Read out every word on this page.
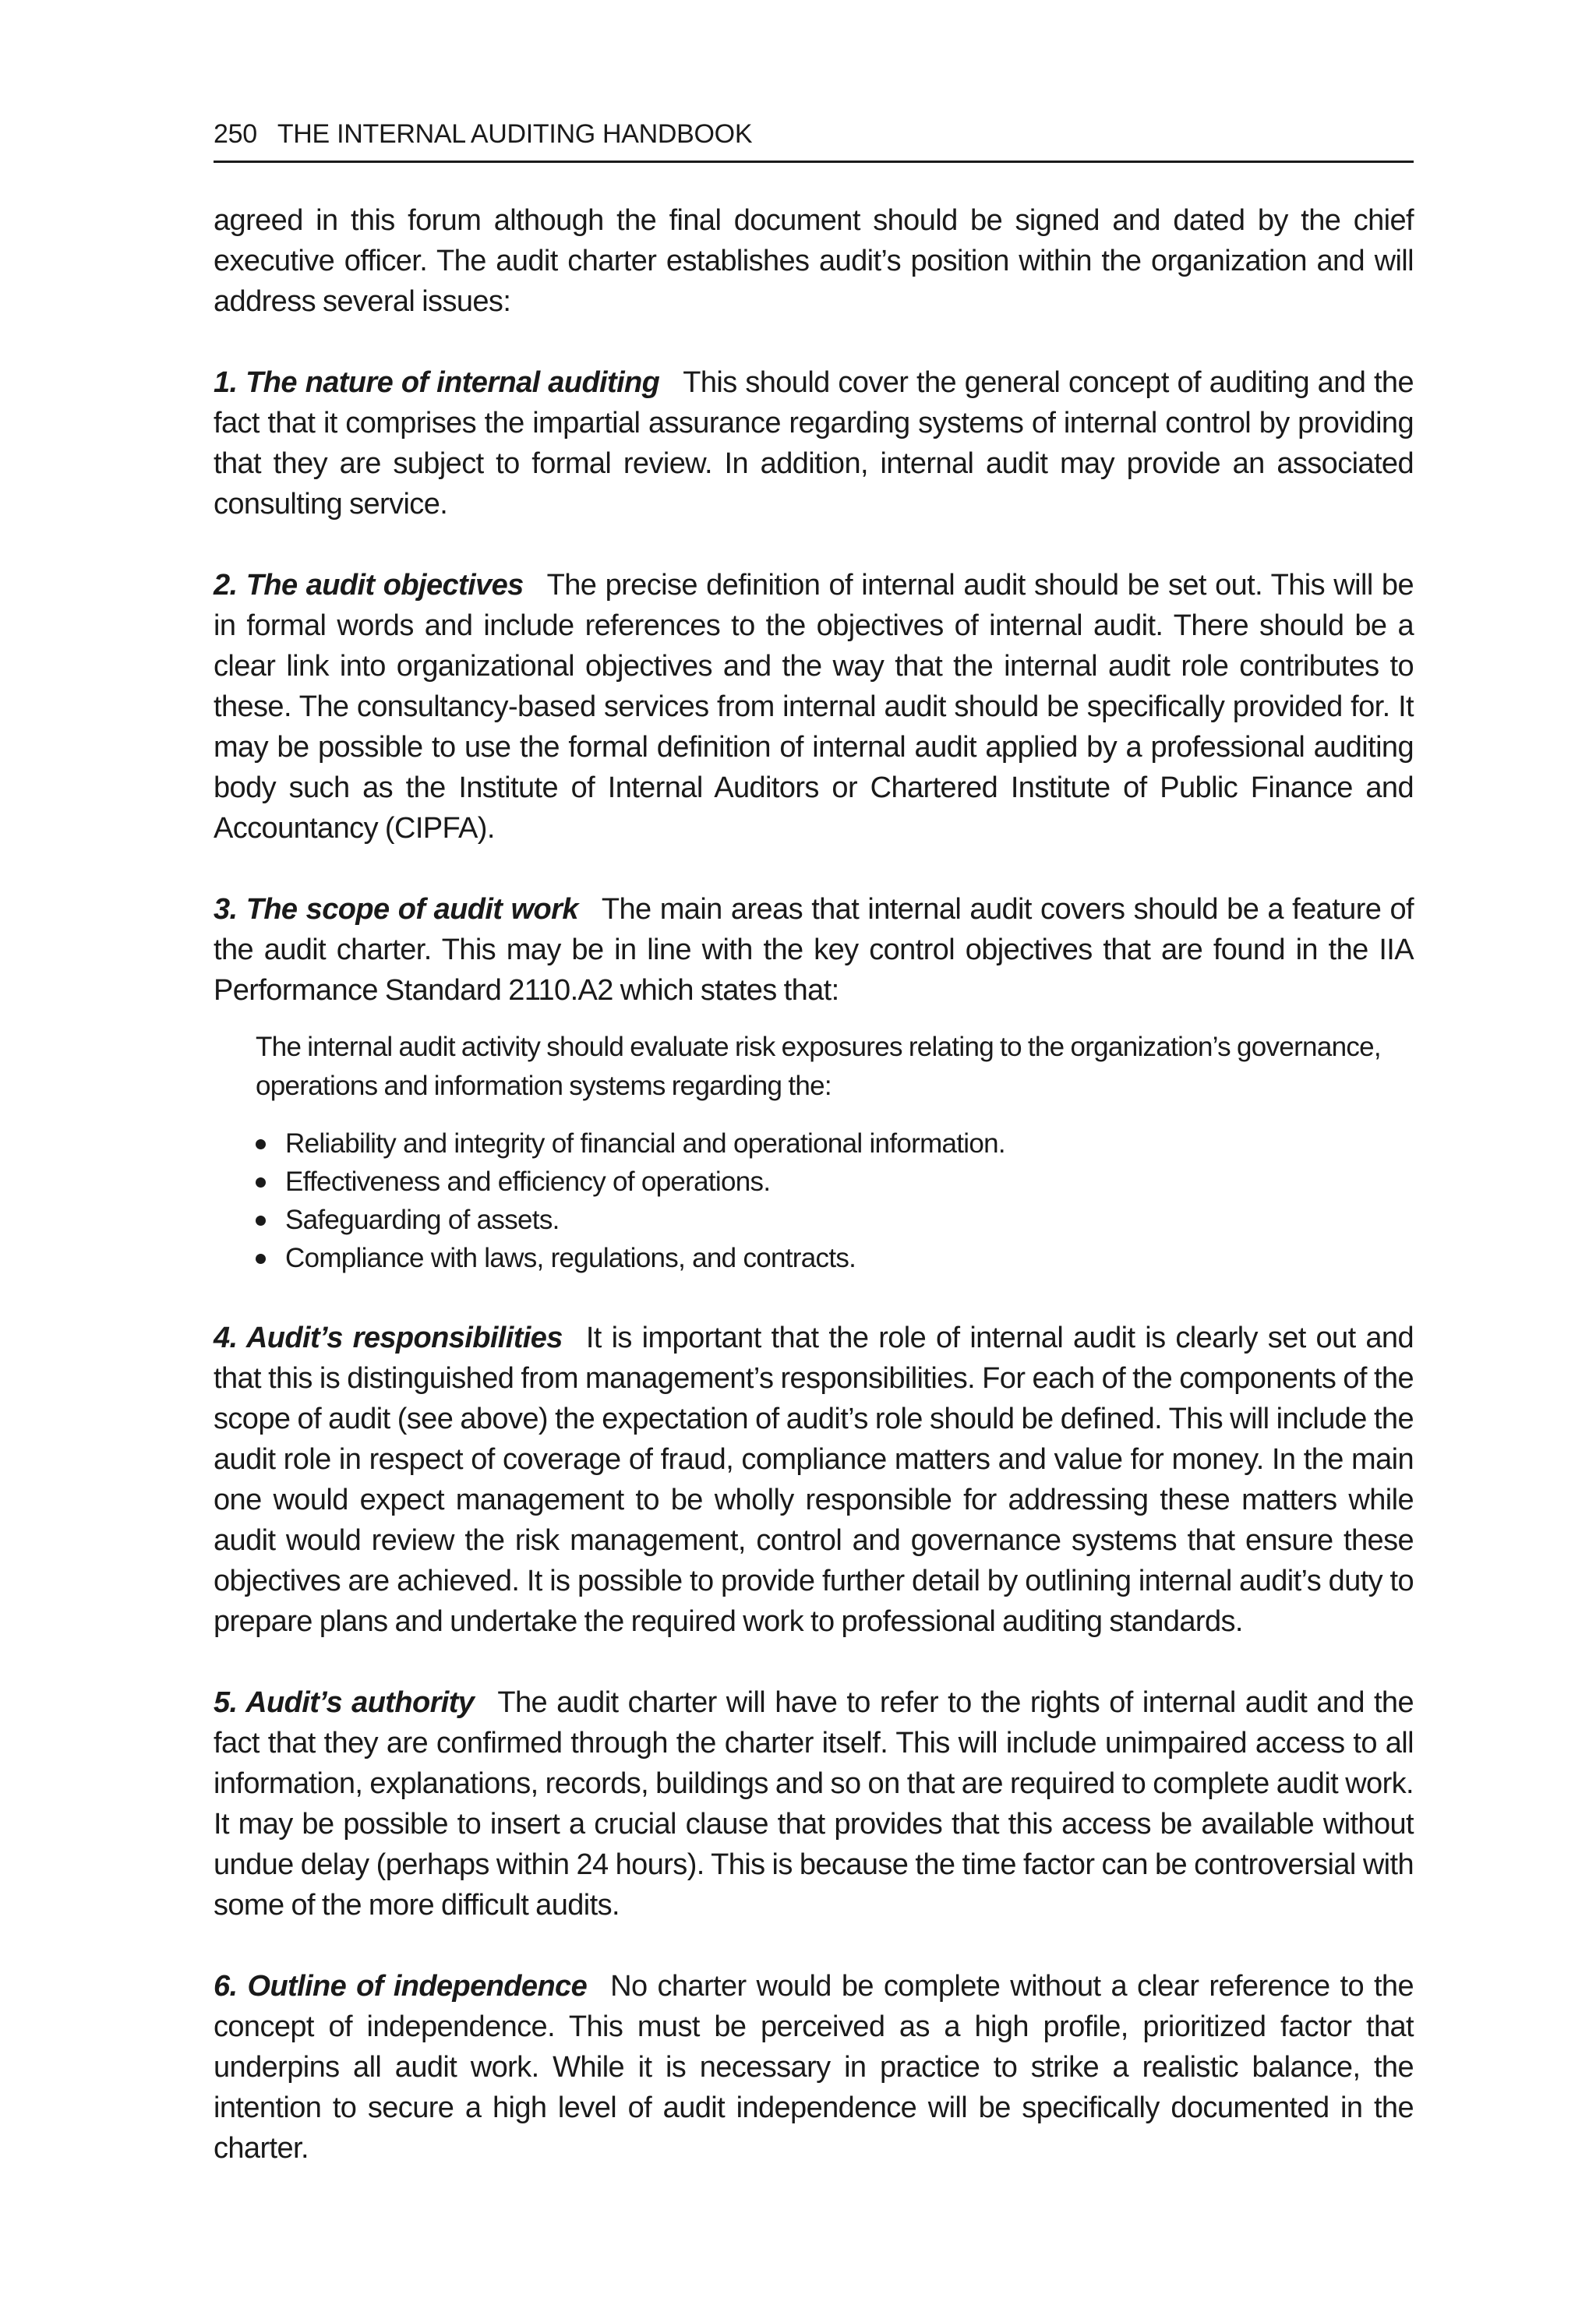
250 THE INTERNAL AUDITING HANDBOOK

agreed in this forum although the final document should be signed and dated by the chief executive officer. The audit charter establishes audit’s position within the organization and will address several issues:

1. The nature of internal auditing This should cover the general concept of auditing and the fact that it comprises the impartial assurance regarding systems of internal control by providing that they are subject to formal review. In addition, internal audit may provide an associated consulting service.

2. The audit objectives The precise definition of internal audit should be set out. This will be in formal words and include references to the objectives of internal audit. There should be a clear link into organizational objectives and the way that the internal audit role contributes to these. The consultancy-based services from internal audit should be specifically provided for. It may be possible to use the formal definition of internal audit applied by a professional auditing body such as the Institute of Internal Auditors or Chartered Institute of Public Finance and Accountancy (CIPFA).

3. The scope of audit work The main areas that internal audit covers should be a feature of the audit charter. This may be in line with the key control objectives that are found in the IIA Performance Standard 2110.A2 which states that:

The internal audit activity should evaluate risk exposures relating to the organization’s governance, operations and information systems regarding the:
Reliability and integrity of financial and operational information.
Effectiveness and efficiency of operations.
Safeguarding of assets.
Compliance with laws, regulations, and contracts.

4. Audit’s responsibilities It is important that the role of internal audit is clearly set out and that this is distinguished from management’s responsibilities. For each of the components of the scope of audit (see above) the expectation of audit’s role should be defined. This will include the audit role in respect of coverage of fraud, compliance matters and value for money. In the main one would expect management to be wholly responsible for addressing these matters while audit would review the risk management, control and governance systems that ensure these objectives are achieved. It is possible to provide further detail by outlining internal audit’s duty to prepare plans and undertake the required work to professional auditing standards.

5. Audit’s authority The audit charter will have to refer to the rights of internal audit and the fact that they are confirmed through the charter itself. This will include unimpaired access to all information, explanations, records, buildings and so on that are required to complete audit work. It may be possible to insert a crucial clause that provides that this access be available without undue delay (perhaps within 24 hours). This is because the time factor can be controversial with some of the more difficult audits.

6. Outline of independence No charter would be complete without a clear reference to the concept of independence. This must be perceived as a high profile, prioritized factor that underpins all audit work. While it is necessary in practice to strike a realistic balance, the intention to secure a high level of audit independence will be specifically documented in the charter.
